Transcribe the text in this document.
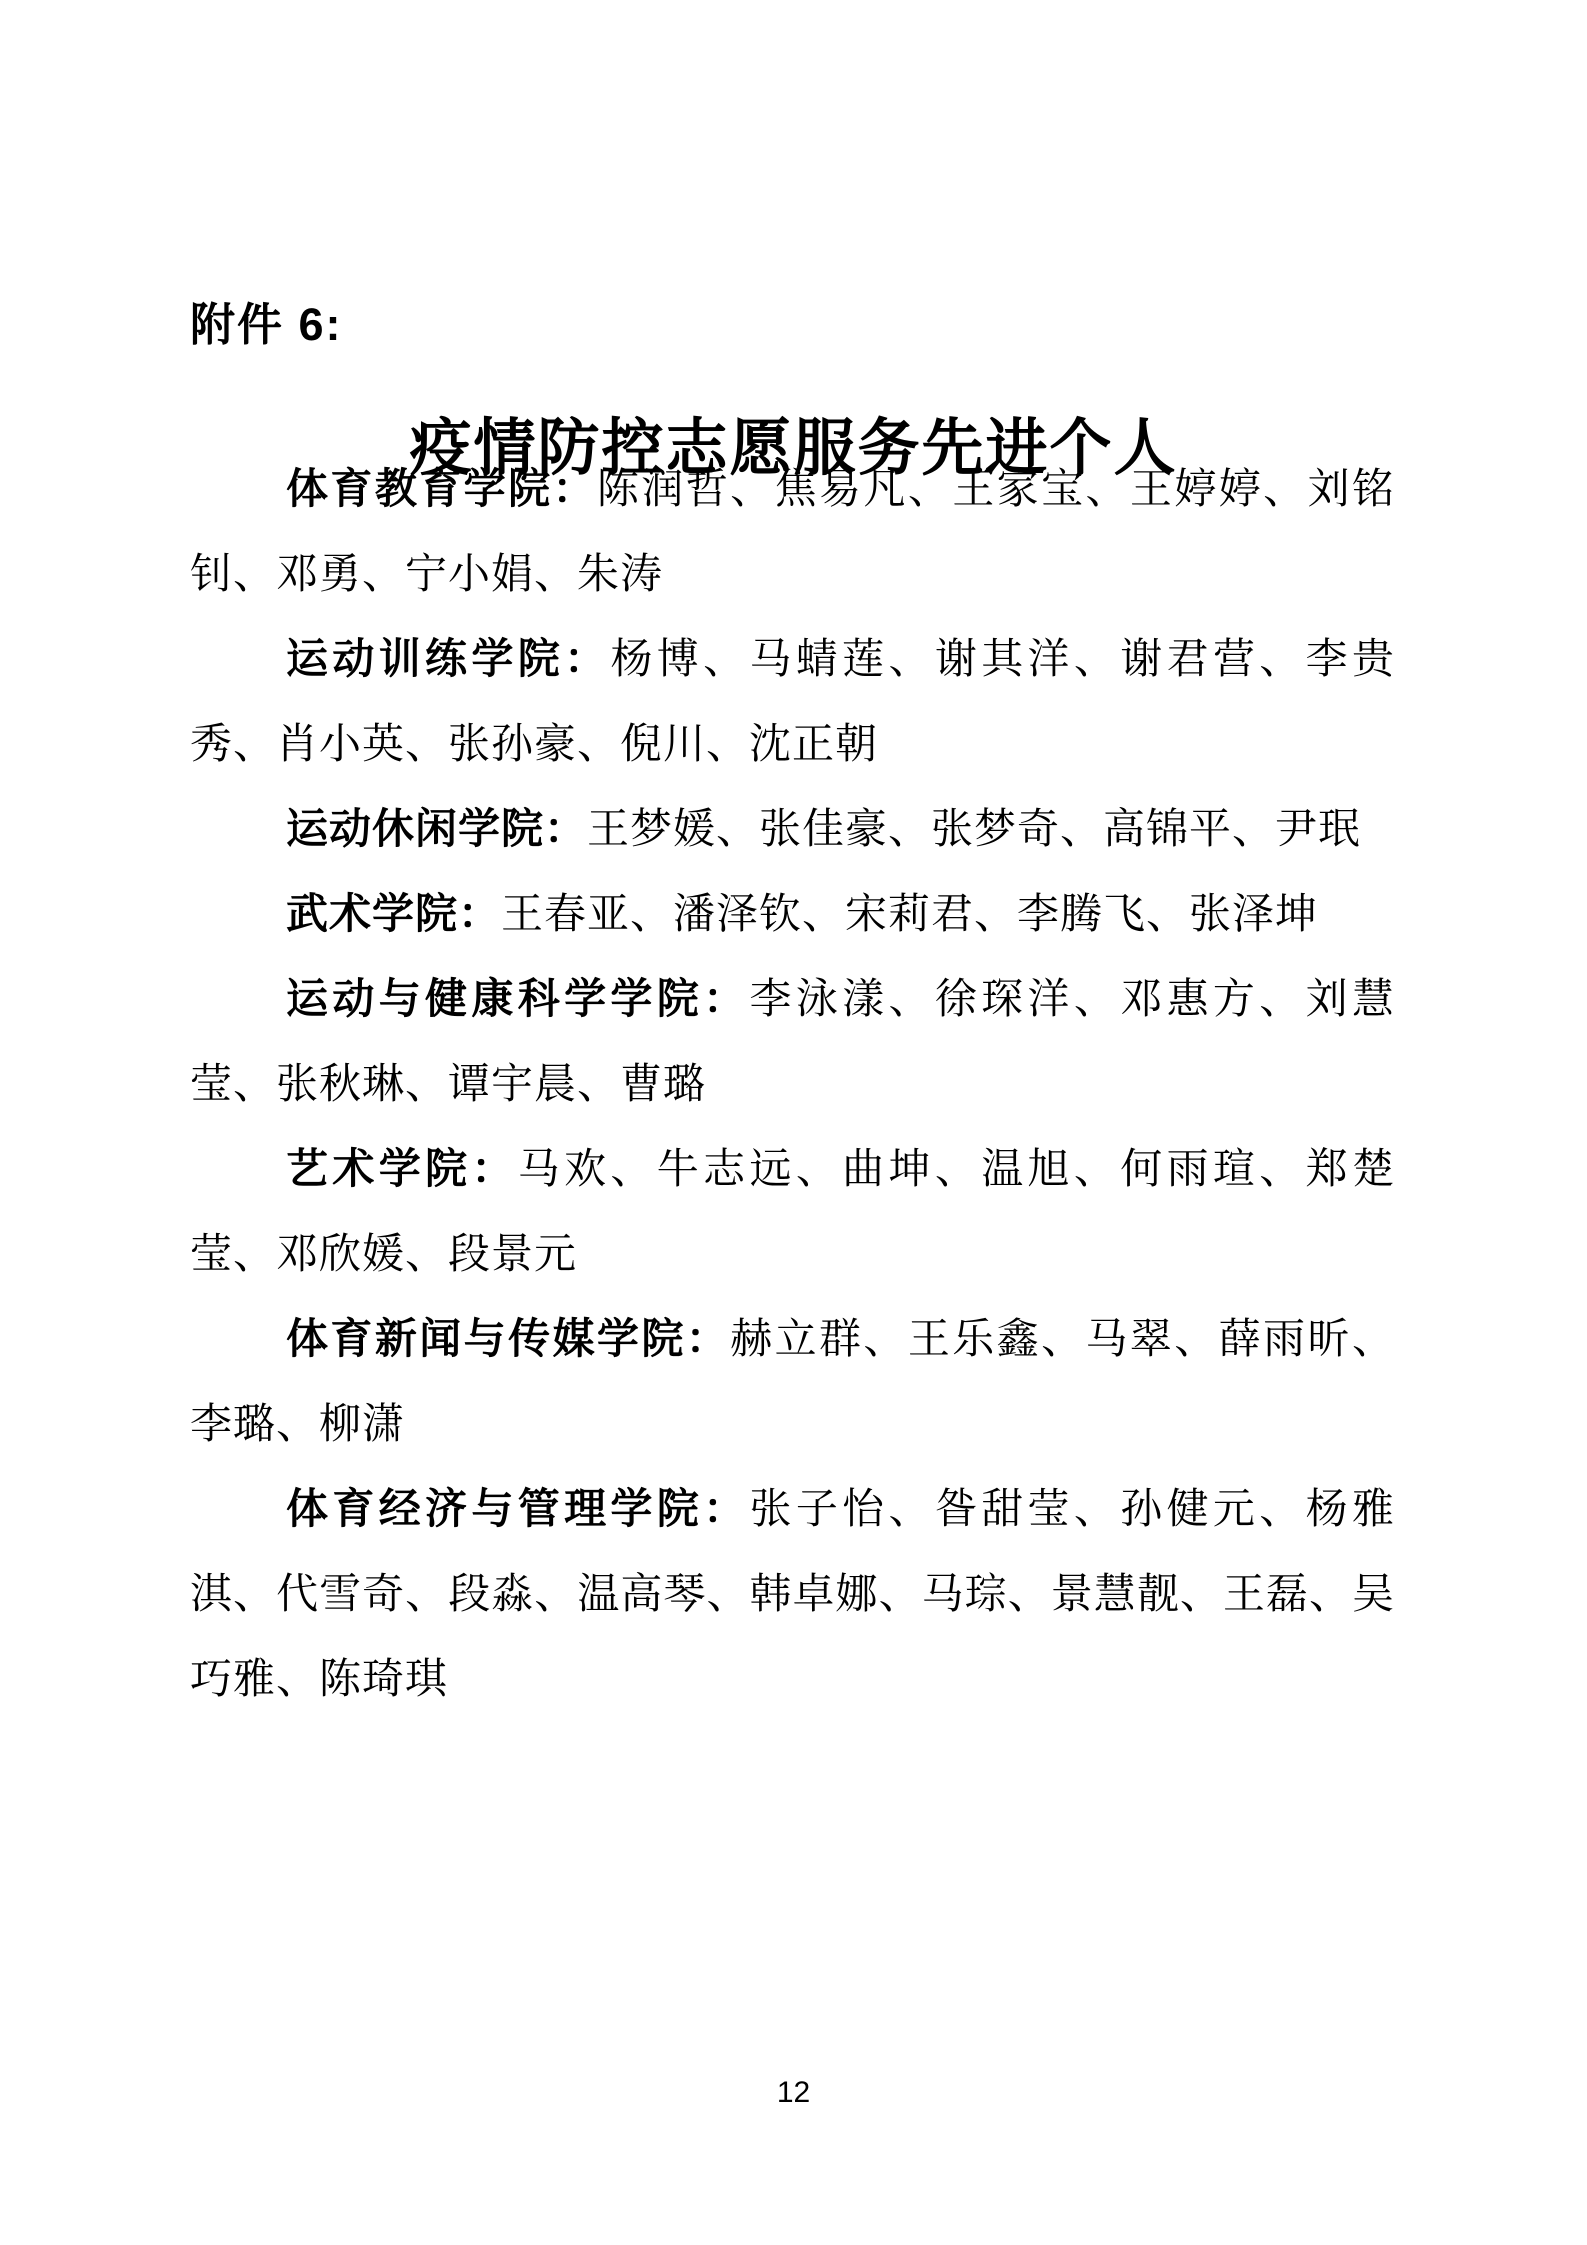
附件 6:
疫情防控志愿服务先进个人

体育教育学院：陈润哲、焦易凡、王家宝、王婷婷、刘铭钊、邓勇、宁小娟、朱涛

运动训练学院：杨博、马蜻莲、谢其洋、谢君营、李贵秀、肖小英、张孙豪、倪川、沈正朝

运动休闲学院：王梦媛、张佳豪、张梦奇、高锦平、尹珉

武术学院：王春亚、潘泽钦、宋莉君、李腾飞、张泽坤

运动与健康科学学院：李泳漾、徐琛洋、邓惠方、刘慧莹、张秋琳、谭宇晨、曹璐

艺术学院：马欢、牛志远、曲坤、温旭、何雨瑄、郑楚莹、邓欣媛、段景元

体育新闻与传媒学院：赫立群、王乐鑫、马翠、薛雨昕、李璐、柳潇

体育经济与管理学院：张子怡、昝甜莹、孙健元、杨雅淇、代雪奇、段淼、温高琴、韩卓娜、马琮、景慧靓、王磊、吴巧雅、陈琦琪

12
